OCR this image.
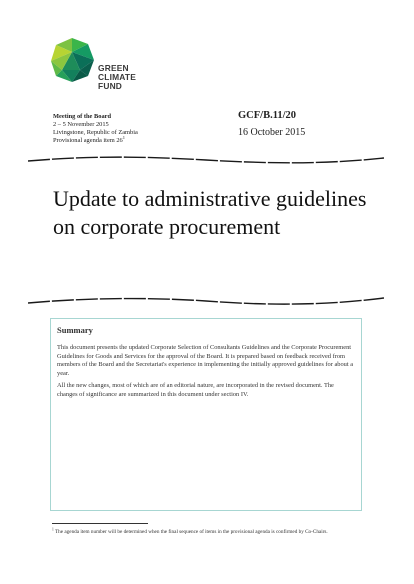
GREEN
CLIMATE
FUND
Meeting of the Board
2 – 5 November 2015
Livingstone, Republic of Zambia
Provisional agenda item $26^1$
GCF/B.11/20
16 October 2015
Update to administrative guidelines on corporate procurement
Summary

This document presents the updated Corporate Selection of Consultants Guidelines and the Corporate Procurement Guidelines for Goods and Services for the approval of the Board. It is prepared based on feedback received from members of the Board and the Secretariat's experience in implementing the initially approved guidelines for about a year.

All the new changes, most of which are of an editorial nature, are incorporated in the revised document. The changes of significance are summarized in this document under section IV.

$^1$ The agenda item number will be determined when the final sequence of items in the provisional agenda is confirmed by Co-Chairs.
